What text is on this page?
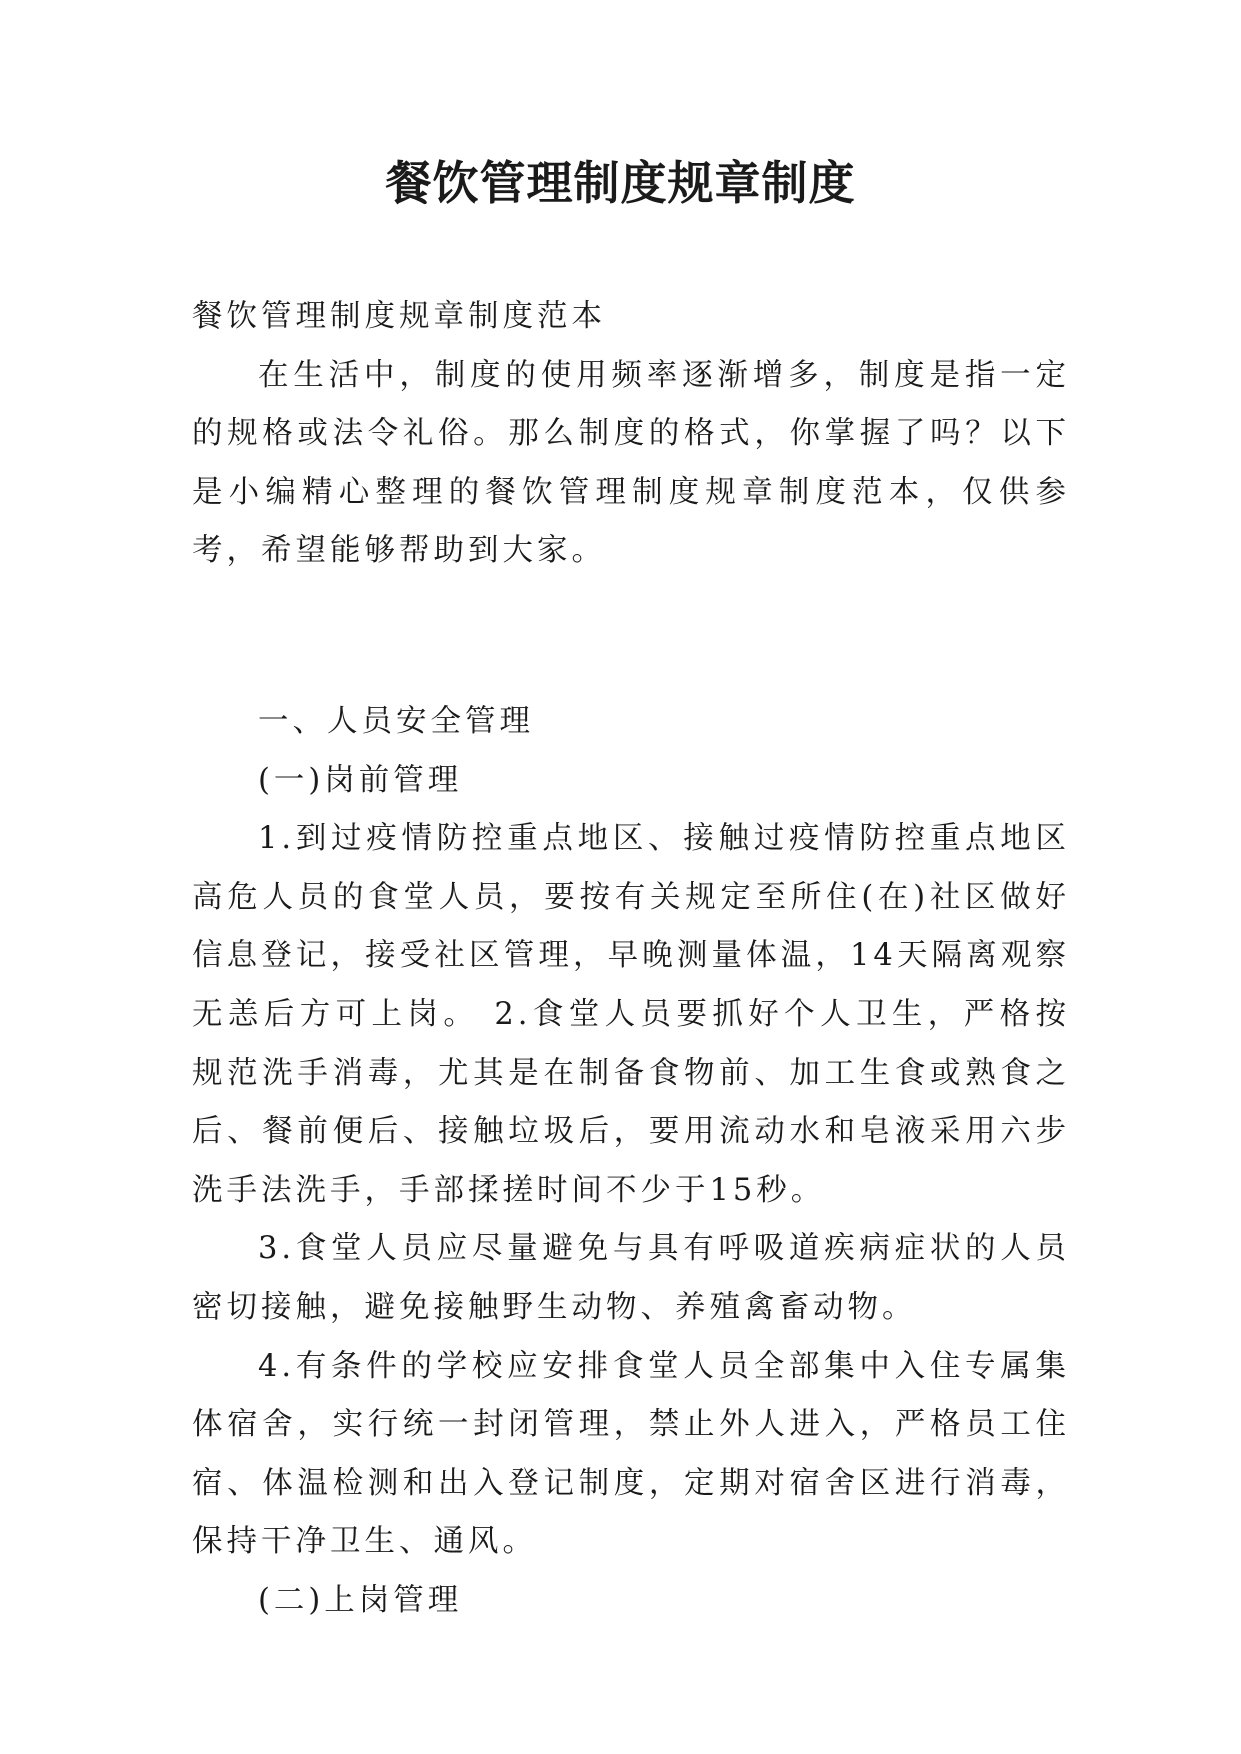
餐饮管理制度规章制度

餐饮管理制度规章制度范本

在生活中，制度的使用频率逐渐增多，制度是指一定的规格或法令礼俗。那么制度的格式，你掌握了吗？以下是小编精心整理的餐饮管理制度规章制度范本，仅供参考，希望能够帮助到大家。

一、人员安全管理

(一)岗前管理

1.到过疫情防控重点地区、接触过疫情防控重点地区高危人员的食堂人员，要按有关规定至所住(在)社区做好信息登记，接受社区管理，早晚测量体温，14天隔离观察无恙后方可上岗。 2.食堂人员要抓好个人卫生，严格按规范洗手消毒，尤其是在制备食物前、加工生食或熟食之后、餐前便后、接触垃圾后，要用流动水和皂液采用六步洗手法洗手，手部揉搓时间不少于15秒。

3.食堂人员应尽量避免与具有呼吸道疾病症状的人员密切接触，避免接触野生动物、养殖禽畜动物。

4.有条件的学校应安排食堂人员全部集中入住专属集体宿舍，实行统一封闭管理，禁止外人进入，严格员工住宿、体温检测和出入登记制度，定期对宿舍区进行消毒，保持干净卫生、通风。

(二)上岗管理
